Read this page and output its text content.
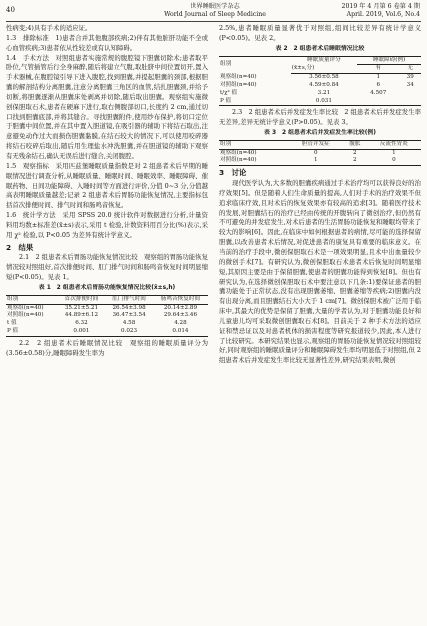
40	世界睡眠医学杂志
World Journal of Sleep Medicine
2019 年 4 月第 6 卷第 4 期
April. 2019, Vol.6, No.4

性病变;4)具有手术的适应证。

1.3　排除标准　1)患者合并其他腹部疾病;2)伴有其他脏肝功能不全或心血管疾病;3)患者依从性较差或有认知障碍。

1.4　手术方法　对照组患者实施常规的腹腔镜下胆囊切除术;患者取平卧位,气管插管后行全身麻醉,随后将建立气腹,取肚脐中间位置切开,置入手术器械,在腹腔镜引导下进入腹腔,找到胆囊,并提起胆囊的颈部,根据胆囊的解剖结构分离胆囊,注意分离胆囊三角区的血管,结扎胆囊颈,并给予切断,将胆囊逐渐从胆囊床处剥离并切除,随后取出胆囊。观察组实施微创保胆取石术,患者在硬麻下进行,取右侧腹部切口,长度约 2 cm,通过切口找到胆囊底部,并将其缝合。寻找胆囊附件,使用纱布保护,将切口定位于胆囊中间位置,并在其中置入胆道镜,在吸引器的辅助下将结石取出,注意避免动作过大而损伤胆囊黏膜,在结石较大的情况下,可以使用咬碎器将结石咬碎后取出,随后用生理盐水冲洗胆囊,并在胆道镜的辅助下观察有无残余结石,确认无误后进行缝合,关闭腹腔。

1.5　观察指标　采用匹兹堡睡眠质量指数是对 2 组患者术后早期的睡眠情况进行调查分析,从睡眠质量、睡眠时间、睡眠效率、睡眠障碍、催眠药物、日间功能障碍、入睡时间等方面进行评价,分值 0~3 分,分值越高表明睡眠质量越差;记录 2 组患者术后胃肠功能恢复情况,主要指标包括首次排便时间、排气时间和肠鸣音恢复。

1.6　统计学方法　采用 SPSS 20.0 统计软件对数据进行分析,计量资料用均数±标准差(x̄±s)表示,采用 t 检验,计数资料用百分比(%)表示,采用 χ² 检验,以 P<0.05 为差异有统计学意义。

2　结果

2.1　2 组患者术后胃肠功能恢复情况比较　观察组的胃肠功能恢复情况较对照组好,首次排便时间、肛门排气时间和肠鸣音恢复时间明显缩短(P<0.05)。见表 1。

表 1　2 组患者术后胃肠功能恢复情况比较(x̄±s,h)

组别	首次排便时间	肛门排气时间	肠鸣音恢复时间
观察组(n=40)	35.21±5.21	26.54±3.98	20.14±2.89
对照组(n=40)	44.89±6.12	36.47±3.54	29.64±3.46
t 值	6.32	4.58	4.28
P 值	0.001	0.023	0.014

2.2　2 组患者术后睡眠情况比较　观察组的睡眠质量评分为(3.56±0.58)分,睡眠障碍发生率为

2.5%,患者睡眠质量显著优于对照组,组间比较差异有统计学意义(P<0.05)。见表 2。

表 2　2 组患者术后睡眠情况比较

组别	睡眠质量评分	睡眠障碍(例)	
	(x̄±s,分)	有	无
观察组(n=40)	3.56±0.58	1	39
对照组(n=40)	4.59±0.84	6	34
t/χ² 值	3.21	4.507	
P 值	0.031		

2.3　2 组患者术后并发症发生率比较　2 组患者术后并发症发生率无差异,差异无统计学意义(P>0.05)。见表 3。

表 3　2 组患者术后并发症发生率比较(例)

组别	胆管并发症	腹胀	反流性胃炎
观察组(n=40)	0	2	1
对照组(n=40)	1	2	0

3　讨论

现代医学认为,大多数的胆囊疾病通过手术治疗均可以获得良好的治疗效果[5]。但是随着人们生命质量的提高,人们对手术的治疗效果不但追求临床疗效,且对术后的恢复效果亦有较高的追求[3]。随着医疗技术的发展,对胆囊结石的治疗已经由传统的开腹转向了微创治疗,但仍然有不可避免的并发症发生,对术后患者的生活胃肠功能恢复和睡眠均带来了较大的影响[6]。因此,在临床中如何根据患者的病情,尽可能的选择保留胆囊,以改善患者术后情况,对促进患者的康复具有重要的临床意义。在当前的治疗手段中,微创保胆取石术是一项效果明显,且术中出血量较少的微创手术[7]。有研究认为,微创保胆取石术患者术后恢复时间明显缩短,其原因主要是由于保留胆囊,使患者的胆囊功能得到恢复[8]。但也有研究认为,在选择微创保胆取石术中要注意以下几条:1)要保证患者的胆囊功能处于正常状态,没有出现胆囊萎缩、胆囊萎缩等疾病;2)胆囊内没有出现分离,而且胆囊结石大小大于 1 cm[7]。微创保胆术被广泛用于临床中,其最大的优势是保留了胆囊,大量的学者认为,对于胆囊功能良好和儿童患儿均可采取微创胆囊取石术[8]。目前关于 2 种手术方法的适应证和禁忌证以及对患者机体的损害程度等研究报道较少,因此,本人进行了比较研究。本研究结果也显示,观察组的胃肠功能恢复情况较对照组较好,同时观察组的睡眠质量评分和睡眠障碍发生率均明显低于对照组,但 2 组患者术后并发症发生率比较无显著性差异,研究结果表明,微创
